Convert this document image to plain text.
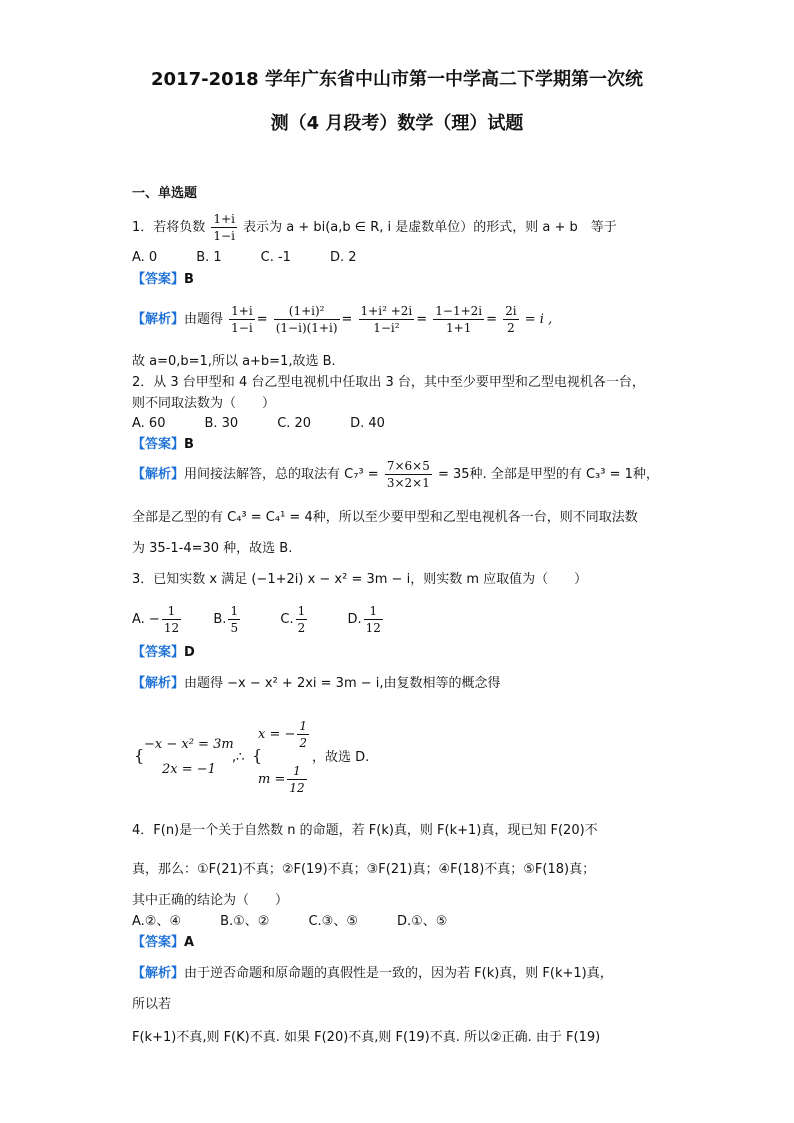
2017-2018 学年广东省中山市第一中学高二下学期第一次统
测（4 月段考）数学（理）试题
一、单选题
1．若将负数 $\frac{1+i}{1-i}$ 表示为 a + bi(a,b ∈ R, i 是虚数单位）的形式，则 a + b　等于
A. 0　　　B. 1　　　C. -1　　　D. 2
【答案】B
【解析】由题得 $\frac{1+i}{1-i} = \frac{\text{(1+i)²}}{(1-i)(1+i)} = \frac{\text{1+i² +2i}}{\text{1−i²}} = \frac{1-1+2i}{1+1} = \frac{2i}{2} = i$ ,
故 a=0,b=1,所以 a+b=1,故选 B.
2．从 3 台甲型和 4 台乙型电视机中任取出 3 台，其中至少要甲型和乙型电视机各一台，
则不同取法数为（　　）
A. 60　　　B. 30　　　C. 20　　　D. 40
【答案】B
【解析】用间接法解答，总的取法有 $C_7^3 = \frac{7\times 6\times 5}{3\times 2\times 1} = 35$种. 全部是甲型的有 C₃³ = 1种，
全部是乙型的有 C₄³ = C₄¹ = 4种，所以至少要甲型和乙型电视机各一台，则不同取法数
为 35-1-4=30 种，故选 B.
3．已知实数 x 满足 (−1+2i) x − x² = 3m − i，则实数 m 应取值为（　　）
A. − $\frac{1}{12} B$. $\frac{1}{5}$	C. $\frac{1}{2}$	D. $\frac{1}{12}$
【答案】D
【解析】由题得 −x − x² + 2xi = 3m − i,由复数相等的概念得
{
−x − x² = 3m
2x = −1
,∴ {
x = − $\frac{1}{2}$
$m = \frac{1}{12}$
，故选 D.
4．F(n)是一个关于自然数 n 的命题，若 F(k)真，则 F(k+1)真，现已知 F(20)不
真，那么：①F(21)不真；②F(19)不真；③F(21)真；④F(18)不真；⑤F(18)真；
其中正确的结论为（　　）
A.②、④　　　B.①、②　　　C.③、⑤　　　D.①、⑤
【答案】A
【解析】由于逆否命题和原命题的真假性是一致的，因为若 F(k)真，则 F(k+1)真，
所以若
F(k+1)不真,则 F(K)不真. 如果 F(20)不真,则 F(19)不真. 所以②正确. 由于 F(19)
